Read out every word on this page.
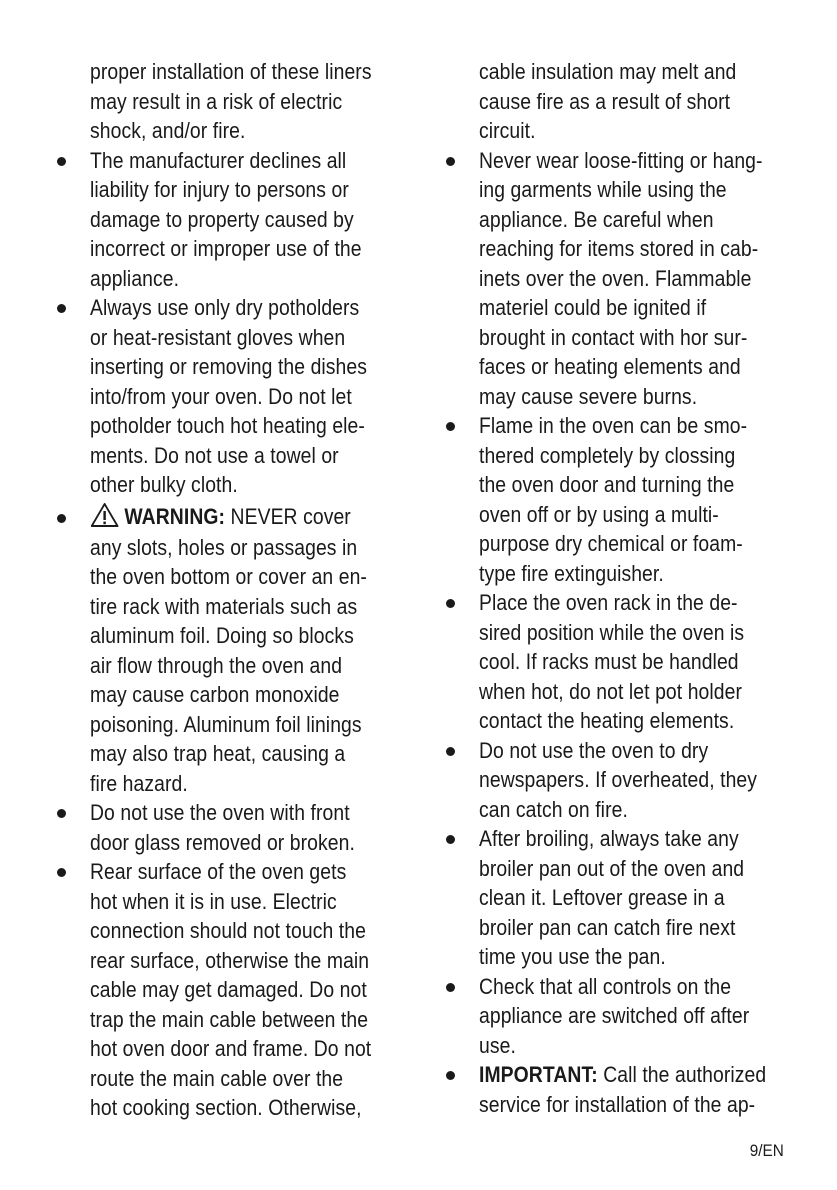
proper installation of these liners
may result in a risk of electric
shock, and/or fire.
The manufacturer declines all
liability for injury to persons or
damage to property caused by
incorrect or improper use of the
appliance.
Always use only dry potholders
or heat-resistant gloves when
inserting or removing the dishes
into/from your oven. Do not let
potholder touch hot heating ele-
ments. Do not use a towel or
other bulky cloth.
WARNING: NEVER cover
any slots, holes or passages in
the oven bottom or cover an en-
tire rack with materials such as
aluminum foil. Doing so blocks
air flow through the oven and
may cause carbon monoxide
poisoning. Aluminum foil linings
may also trap heat, causing a
fire hazard.
Do not use the oven with front
door glass removed or broken.
Rear surface of the oven gets
hot when it is in use. Electric
connection should not touch the
rear surface, otherwise the main
cable may get damaged. Do not
trap the main cable between the
hot oven door and frame. Do not
route the main cable over the
hot cooking section. Otherwise,
cable insulation may melt and
cause fire as a result of short
circuit.
Never wear loose-fitting or hang-
ing garments while using the
appliance. Be careful when
reaching for items stored in cab-
inets over the oven. Flammable
materiel could be ignited if
brought in contact with hor sur-
faces or heating elements and
may cause severe burns.
Flame in the oven can be smo-
thered completely by clossing
the oven door and turning the
oven off or by using a multi-
purpose dry chemical or foam-
type fire extinguisher.
Place the oven rack in the de-
sired position while the oven is
cool. If racks must be handled
when hot, do not let pot holder
contact the heating elements.
Do not use the oven to dry
newspapers. If overheated, they
can catch on fire.
After broiling, always take any
broiler pan out of the oven and
clean it. Leftover grease in a
broiler pan can catch fire next
time you use the pan.
Check that all controls on the
appliance are switched off after
use.
IMPORTANT: Call the authorized
service for installation of the ap-
9/EN
